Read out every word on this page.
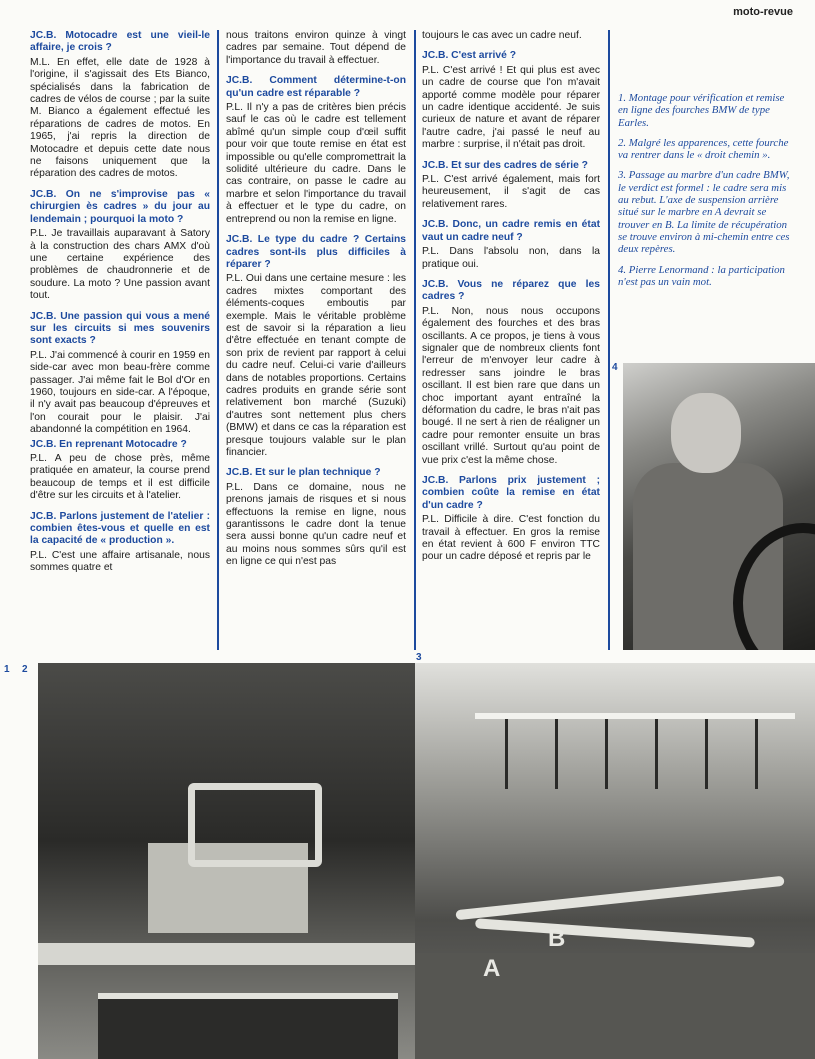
moto-revue
JC.B. Motocadre est une vieil-le affaire, je crois ?
M.L. En effet, elle date de 1928 à l'origine, il s'agissait des Ets Bianco, spécialisés dans la fabrication de cadres de vélos de course ; par la suite M. Bianco a également effectué les réparations de cadres de motos. En 1965, j'ai repris la direction de Motocadre et depuis cette date nous ne faisons uniquement que la réparation des cadres de motos.
JC.B. On ne s'improvise pas « chirurgien ès cadres » du jour au lendemain ; pourquoi la moto ?
P.L. Je travaillais auparavant à Satory à la construction des chars AMX d'où une certaine expérience des problèmes de chaudronnerie et de soudure. La moto ? Une passion avant tout.
JC.B. Une passion qui vous a mené sur les circuits si mes souvenirs sont exacts ?
P.L. J'ai commencé à courir en 1959 en side-car avec mon beau-frère comme passager. J'ai même fait le Bol d'Or en 1960, toujours en side-car. A l'époque, il n'y avait pas beaucoup d'épreuves et l'on courait pour le plaisir. J'ai abandonné la compétition en 1964.
JC.B. En reprenant Motocadre ?
P.L. A peu de chose près, même pratiquée en amateur, la course prend beaucoup de temps et il est difficile d'être sur les circuits et à l'atelier.
JC.B. Parlons justement de l'atelier : combien êtes-vous et quelle en est la capacité de « production ».
P.L. C'est une affaire artisanale, nous sommes quatre et
nous traitons environ quinze à vingt cadres par semaine. Tout dépend de l'importance du travail à effectuer.
JC.B. Comment détermine-t-on qu'un cadre est réparable ?
P.L. Il n'y a pas de critères bien précis sauf le cas où le cadre est tellement abîmé qu'un simple coup d'œil suffit pour voir que toute remise en état est impossible ou qu'elle compromettrait la solidité ultérieure du cadre. Dans le cas contraire, on passe le cadre au marbre et selon l'importance du travail à effectuer et le type du cadre, on entreprend ou non la remise en ligne.
JC.B. Le type du cadre ? Certains cadres sont-ils plus difficiles à réparer ?
P.L. Oui dans une certaine mesure : les cadres mixtes comportant des éléments-coques emboutis par exemple. Mais le véritable problème est de savoir si la réparation a lieu d'être effectuée en tenant compte de son prix de revient par rapport à celui du cadre neuf. Celui-ci varie d'ailleurs dans de notables proportions. Certains cadres produits en grande série sont relativement bon marché (Suzuki) d'autres sont nettement plus chers (BMW) et dans ce cas la réparation est presque toujours valable sur le plan financier.
JC.B. Et sur le plan technique ?
P.L. Dans ce domaine, nous ne prenons jamais de risques et si nous effectuons la remise en ligne, nous garantissons le cadre dont la tenue sera aussi bonne qu'un cadre neuf et au moins nous sommes sûrs qu'il est en ligne ce qui n'est pas
toujours le cas avec un cadre neuf.
JC.B. C'est arrivé ?
P.L. C'est arrivé ! Et qui plus est avec un cadre de course que l'on m'avait apporté comme modèle pour réparer un cadre identique accidenté. Je suis curieux de nature et avant de réparer l'autre cadre, j'ai passé le neuf au marbre : surprise, il n'était pas droit.
JC.B. Et sur des cadres de série ?
P.L. C'est arrivé également, mais fort heureusement, il s'agit de cas relativement rares.
JC.B. Donc, un cadre remis en état vaut un cadre neuf ?
P.L. Dans l'absolu non, dans la pratique oui.
JC.B. Vous ne réparez que les cadres ?
P.L. Non, nous nous occupons également des fourches et des bras oscillants. A ce propos, je tiens à vous signaler que de nombreux clients font l'erreur de m'envoyer leur cadre à redresser sans joindre le bras oscillant. Il est bien rare que dans un choc important ayant entraîné la déformation du cadre, le bras n'ait pas bougé. Il ne sert à rien de réaligner un cadre pour remonter ensuite un bras oscillant vrillé. Surtout qu'au point de vue prix c'est la même chose.
JC.B. Parlons prix justement ; combien coûte la remise en état d'un cadre ?
P.L. Difficile à dire. C'est fonction du travail à effectuer. En gros la remise en état revient à 600 F environ TTC pour un cadre déposé et repris par le
1. Montage pour vérification et remise en ligne des fourches BMW de type Earles.
2. Malgré les apparences, cette fourche va rentrer dans le « droit chemin ».
3. Passage au marbre d'un cadre BMW, le verdict est formel : le cadre sera mis au rebut. L'axe de suspension arrière situé sur le marbre en A devrait se trouver en B. La limite de récupération se trouve environ à mi-chemin entre ces deux repères.
4. Pierre Lenormand : la participation n'est pas un vain mot.
4
1 2
3
A
B
